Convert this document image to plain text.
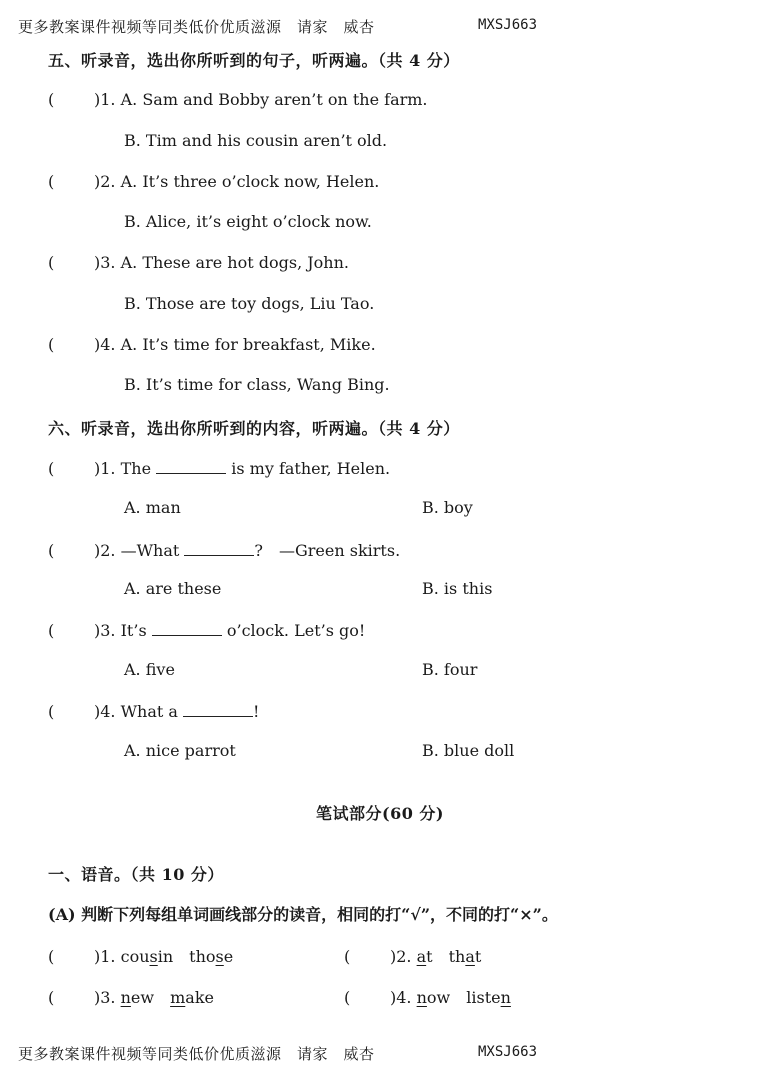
更多教案课件视频等同类低价优质滋源　请家　威杏	MXSJ663
五、听录音，选出你所听到的句子，听两遍。（共 4 分）
( )1. A. Sam and Bobby aren’t on the farm.
B. Tim and his cousin aren’t old.
( )2. A. It’s three o’clock now, Helen.
B. Alice, it’s eight o’clock now.
( )3. A. These are hot dogs, John.
B. Those are toy dogs, Liu Tao.
( )4. A. It’s time for breakfast, Mike.
B. It’s time for class, Wang Bing.
六、听录音，选出你所听到的内容，听两遍。（共 4 分）
( )1. The	is my father, Helen.
A. man	B. boy
( )2. —What	?　—Green skirts.
A. are these	B. is this
( )3. It’s	o’clock. Let’s go!
A. five	B. four
( )4. What a	!
A. nice parrot	B. blue doll
笔试部分(60 分)
一、语音。（共 10 分）
(A) 判断下列每组单词画线部分的读音，相同的打“√”，不同的打“×”。
( )1. cousin　 those	( )2. at　 that
( )3. new　 make	( )4. now　 listen
更多教案课件视频等同类低价优质滋源　请家　威杏	MXSJ663
